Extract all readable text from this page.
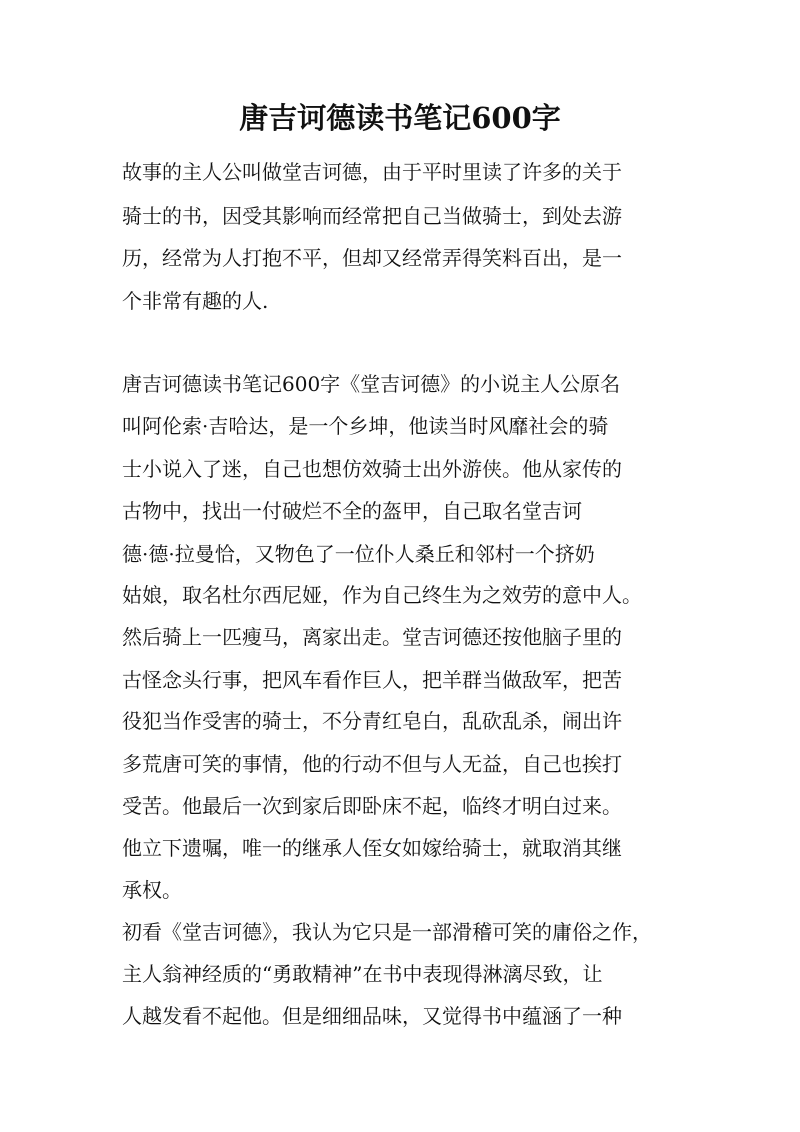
唐吉诃德读书笔记600字
故事的主人公叫做堂吉诃德，由于平时里读了许多的关于
骑士的书，因受其影响而经常把自己当做骑士，到处去游
历，经常为人打抱不平，但却又经常弄得笑料百出，是一
个非常有趣的人.
唐吉诃德读书笔记600字《堂吉诃德》的小说主人公原名
叫阿伦索·吉哈达，是一个乡坤，他读当时风靡社会的骑
士小说入了迷，自己也想仿效骑士出外游侠。他从家传的
古物中，找出一付破烂不全的盔甲，自己取名堂吉诃
德·德·拉曼恰，又物色了一位仆人桑丘和邻村一个挤奶
姑娘，取名杜尔西尼娅，作为自己终生为之效劳的意中人。
然后骑上一匹瘦马，离家出走。堂吉诃德还按他脑子里的
古怪念头行事，把风车看作巨人，把羊群当做敌军，把苦
役犯当作受害的骑士，不分青红皂白，乱砍乱杀，闹出许
多荒唐可笑的事情，他的行动不但与人无益，自己也挨打
受苦。他最后一次到家后即卧床不起，临终才明白过来。
他立下遗嘱，唯一的继承人侄女如嫁给骑士，就取消其继
承权。
初看《堂吉诃德》，我认为它只是一部滑稽可笑的庸俗之作，
主人翁神经质的“勇敢精神”在书中表现得淋漓尽致，让
人越发看不起他。但是细细品味，又觉得书中蕴涵了一种
